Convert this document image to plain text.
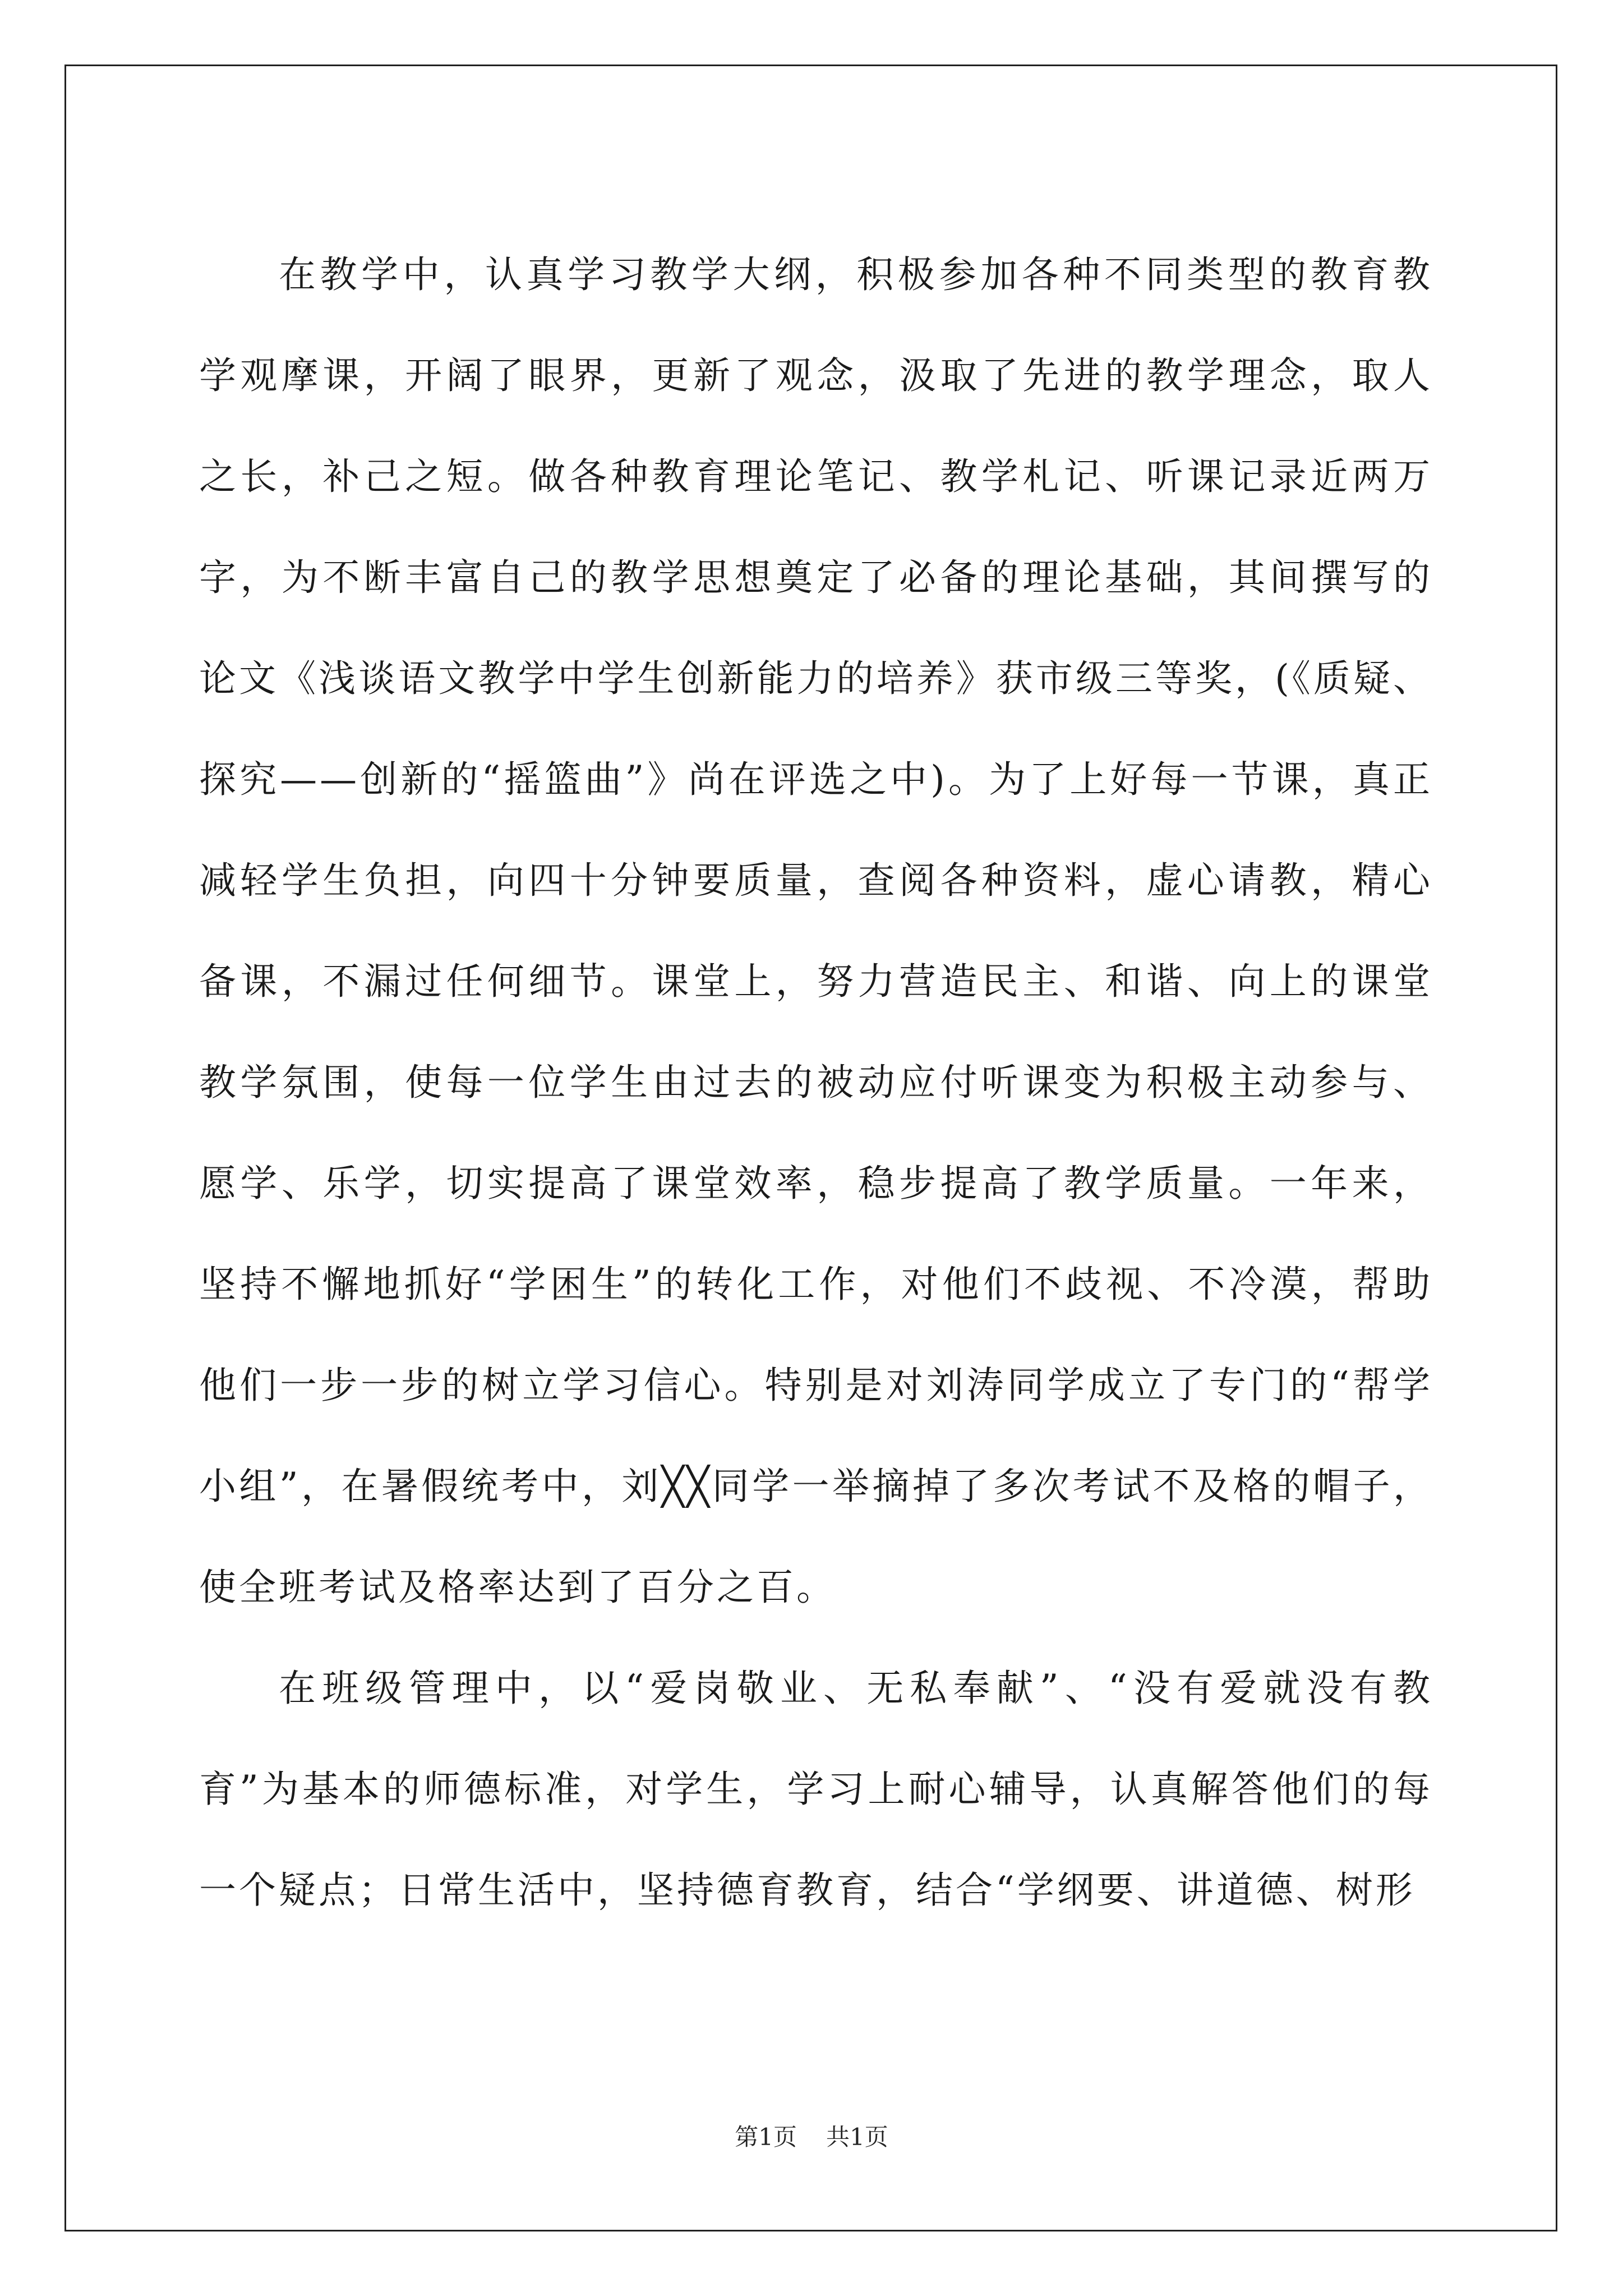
在教学中，认真学习教学大纲，积极参加各种不同类型的教育教学观摩课，开阔了眼界，更新了观念，汲取了先进的教学理念，取人之长，补己之短。做各种教育理论笔记、教学札记、听课记录近两万字，为不断丰富自己的教学思想奠定了必备的理论基础，其间撰写的论文《浅谈语文教学中学生创新能力的培养》获市级三等奖，(《质疑、探究——创新的“摇篮曲”》尚在评选之中)。为了上好每一节课，真正减轻学生负担，向四十分钟要质量，查阅各种资料，虚心请教，精心备课，不漏过任何细节。课堂上，努力营造民主、和谐、向上的课堂教学氛围，使每一位学生由过去的被动应付听课变为积极主动参与、愿学、乐学，切实提高了课堂效率，稳步提高了教学质量。一年来，坚持不懈地抓好“学困生”的转化工作，对他们不歧视、不冷漠，帮助他们一步一步的树立学习信心。特别是对刘涛同学成立了专门的“帮学小组”，在暑假统考中，刘╳╳同学一举摘掉了多次考试不及格的帽子，使全班考试及格率达到了百分之百。

在班级管理中，以“爱岗敬业、无私奉献”、“没有爱就没有教育”为基本的师德标准，对学生，学习上耐心辅导，认真解答他们的每一个疑点；日常生活中，坚持德育教育，结合“学纲要、讲道德、树形

第1页 共1页
